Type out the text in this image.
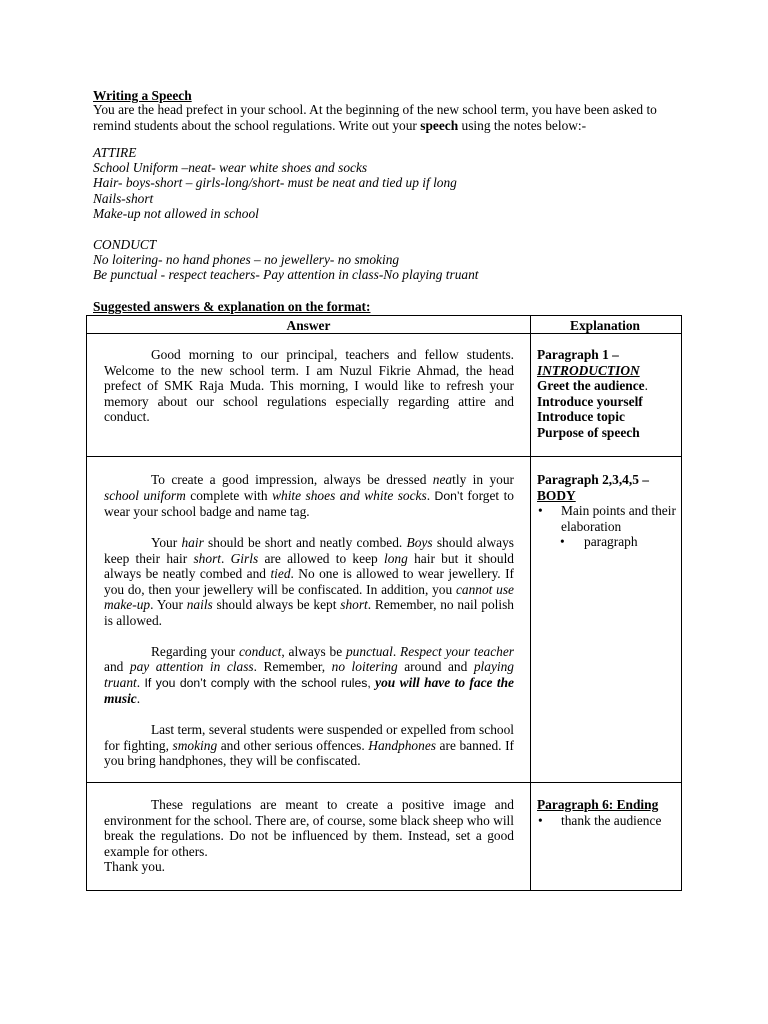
Writing a Speech
You are the head prefect in your school. At the beginning of the new school term, you have been asked to remind students about the school regulations. Write out your speech using the notes below:-
ATTIRE
School Uniform –neat- wear white shoes and socks
Hair- boys-short – girls-long/short- must be neat and tied up if long
Nails-short
Make-up not allowed in school
CONDUCT
No loitering- no hand phones – no jewellery- no smoking
Be punctual - respect teachers- Pay attention in class-No playing truant
Suggested answers & explanation on the format:
Answer	Explanation

Good morning to our principal, teachers and fellow students. Welcome to the new school term. I am Nuzul Fikrie Ahmad, the head prefect of SMK Raja Muda. This morning, I would like to refresh your memory about our school regulations especially regarding attire and conduct.

Paragraph 1 –
INTRODUCTION
Greet the audience.
Introduce yourself
Introduce topic
Purpose of speech

To create a good impression, always be dressed neatly in your school uniform complete with white shoes and white socks. Don’t forget to wear your school badge and name tag.

Your hair should be short and neatly combed. Boys should always keep their hair short. Girls are allowed to keep long hair but it should always be neatly combed and tied. No one is allowed to wear jewellery. If you do, then your jewellery will be confiscated. In addition, you cannot use make-up. Your nails should always be kept short. Remember, no nail polish is allowed.

Regarding your conduct, always be punctual. Respect your teacher and pay attention in class. Remember, no loitering around and playing truant. If you don’t comply with the school rules, you will have to face the music.

Last term, several students were suspended or expelled from school for fighting, smoking and other serious offences. Handphones are banned. If you bring handphones, they will be confiscated.

Paragraph 2,3,4,5 –
BODY
• Main points and their elaboration
• paragraph

These regulations are meant to create a positive image and environment for the school. There are, of course, some black sheep who will break the regulations. Do not be influenced by them. Instead, set a good example for others.

Thank you.
Paragraph 6: Ending
• thank the audience
